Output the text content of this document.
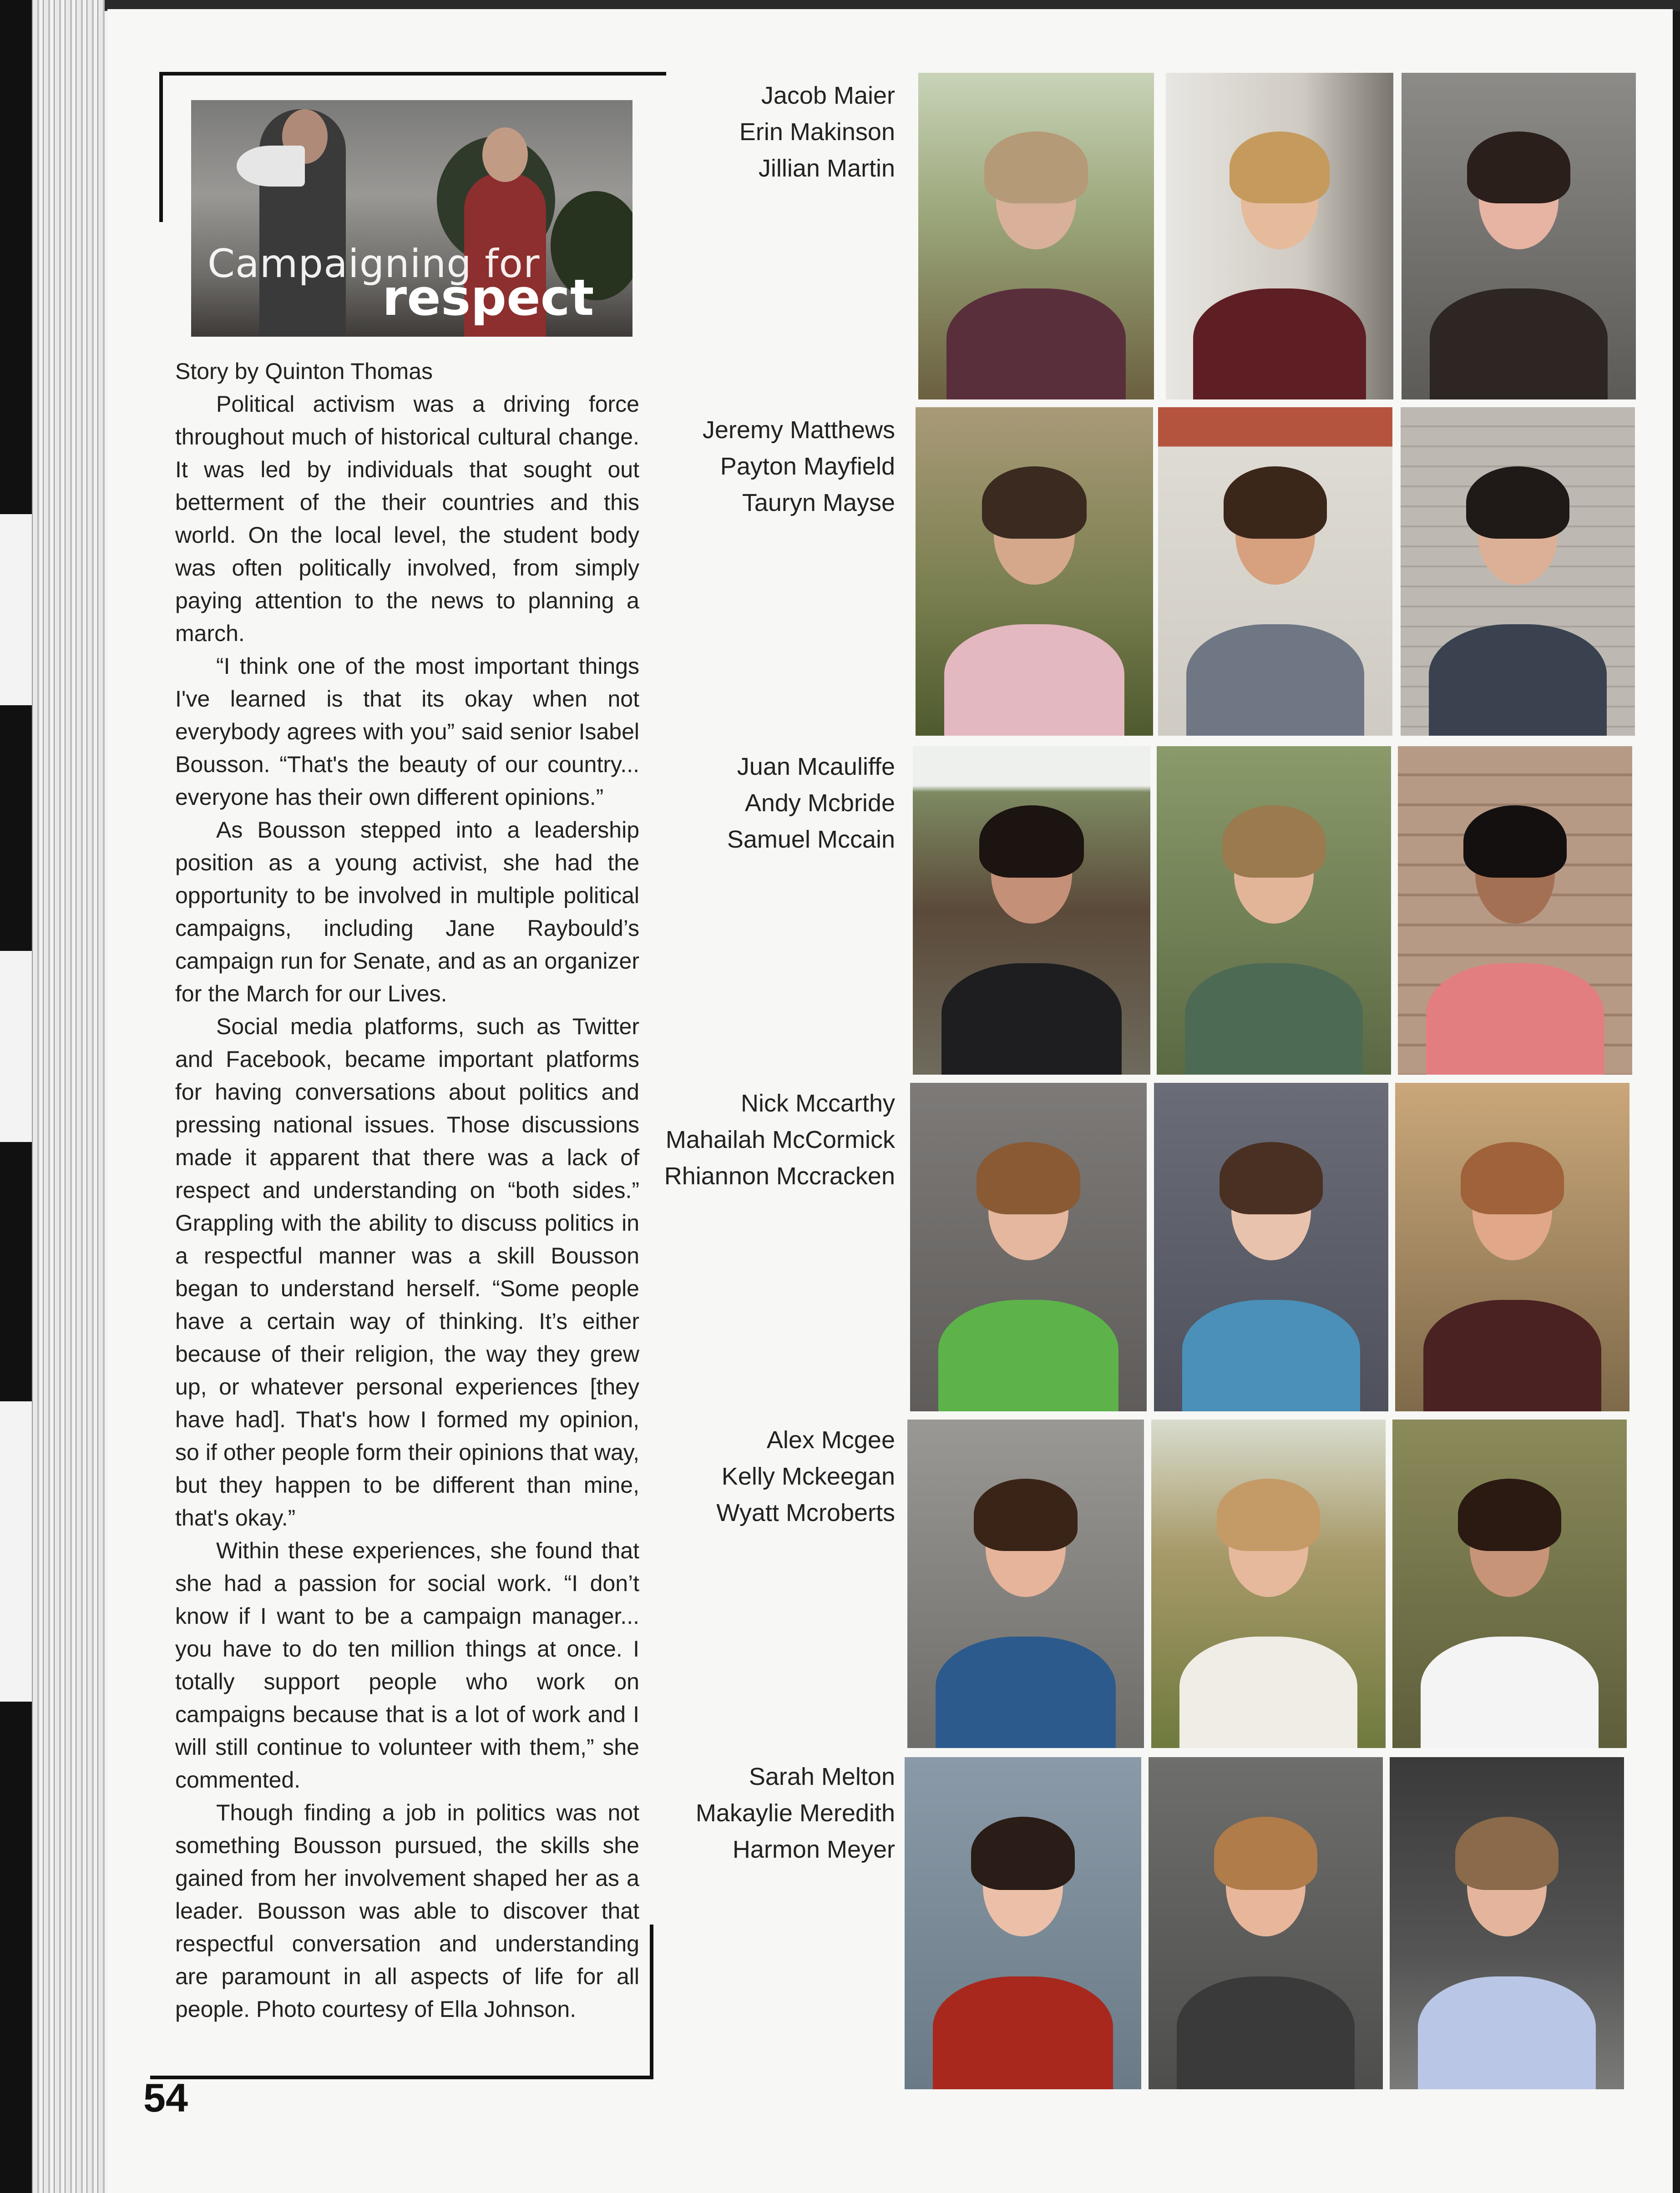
Campaigning for
respect

Story by Quinton Thomas

Political activism was a driving force throughout much of historical cultural change. It was led by individuals that sought out betterment of the their countries and this world. On the local level, the student body was often politically involved, from simply paying attention to the news to planning a march.

“I think one of the most important things I've learned is that its okay when not everybody agrees with you” said senior Isabel Bousson. “That's the beauty of our country... everyone has their own different opinions.”

As Bousson stepped into a leadership position as a young activist, she had the opportunity to be involved in multiple political campaigns, including Jane Raybould’s campaign run for Senate, and as an organizer for the March for our Lives.

Social media platforms, such as Twitter and Facebook, became important platforms for having conversations about politics and pressing national issues. Those discussions made it apparent that there was a lack of respect and understanding on “both sides.” Grappling with the ability to discuss politics in a respectful manner was a skill Bousson began to understand herself. “Some people have a certain way of thinking. It’s either because of their religion, the way they grew up, or whatever personal experiences [they have had]. That's how I formed my opinion, so if other people form their opinions that way, but they happen to be different than mine, that's okay.”

Within these experiences, she found that she had a passion for social work. “I don’t know if I want to be a campaign manager... you have to do ten million things at once. I totally support people who work on campaigns because that is a lot of work and I will still continue to volunteer with them,” she commented.

Though finding a job in politics was not something Bousson pursued, the skills she gained from her involvement shaped her as a leader. Bousson was able to discover that respectful conversation and understanding are paramount in all aspects of life for all people. Photo courtesy of Ella Johnson.

Jacob Maier
Erin Makinson
Jillian Martin
Jeremy Matthews
Payton Mayfield
Tauryn Mayse
Juan Mcauliffe
Andy Mcbride
Samuel Mccain
Nick Mccarthy
Mahailah McCormick
Rhiannon Mccracken
Alex Mcgee
Kelly Mckeegan
Wyatt Mcroberts
Sarah Melton
Makaylie Meredith
Harmon Meyer
54
